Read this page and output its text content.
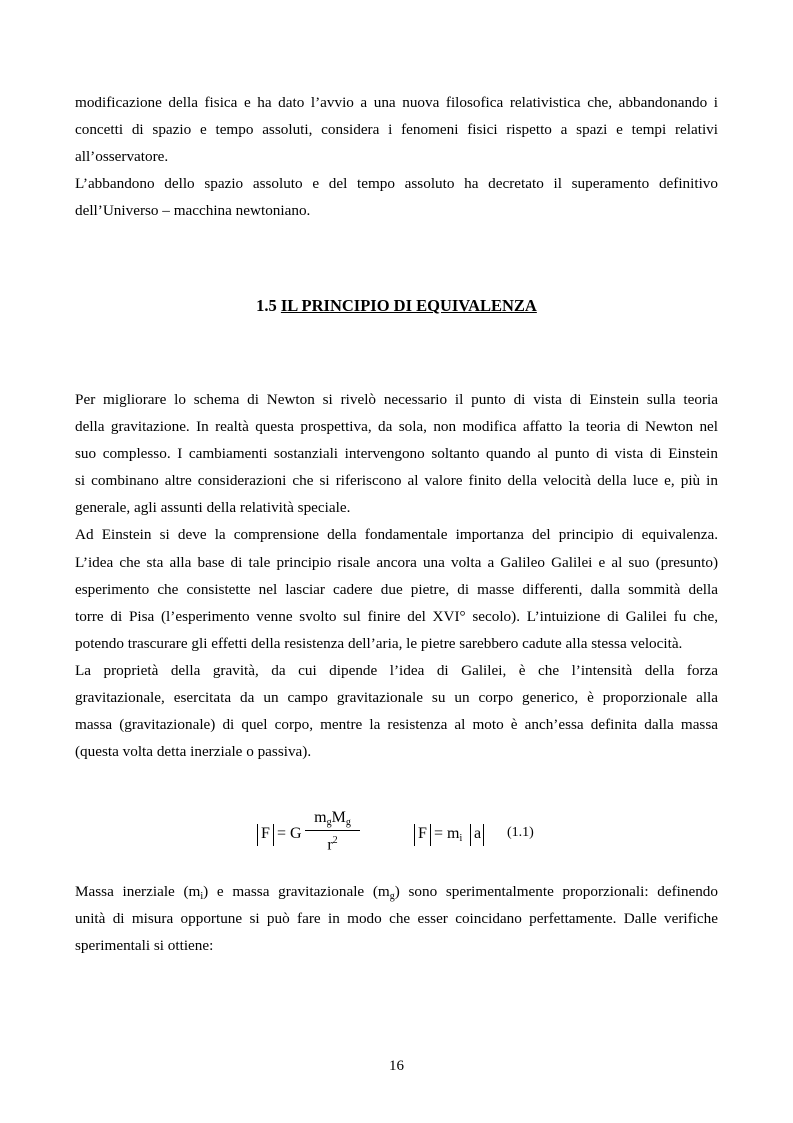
modificazione della fisica e ha dato l’avvio a una nuova filosofica relativistica che, abbandonando i

concetti di spazio e tempo assoluti, considera i fenomeni fisici rispetto a spazi e tempi relativi

all’osservatore.

L’abbandono dello spazio assoluto e del tempo assoluto ha decretato il superamento definitivo

dell’Universo – macchina newtoniano.

1.5 IL PRINCIPIO DI EQUIVALENZA

Per migliorare lo schema di Newton si rivelò necessario il punto di vista di Einstein sulla teoria

della gravitazione. In realtà questa prospettiva, da sola, non modifica affatto la teoria di Newton nel

suo complesso. I cambiamenti sostanziali intervengono soltanto quando al punto di vista di Einstein

si combinano altre considerazioni che si riferiscono al valore finito della velocità della luce e, più in

generale, agli assunti della relatività speciale.

Ad Einstein si deve la comprensione della fondamentale importanza del principio di equivalenza.

L’idea che sta alla base di tale principio risale ancora una volta a Galileo Galilei e al suo (presunto)

esperimento che consistette nel lasciar cadere due pietre, di masse differenti, dalla sommità della

torre di Pisa (l’esperimento venne svolto sul finire del XVI° secolo). L’intuizione di Galilei fu che,

potendo trascurare gli effetti della resistenza dell’aria, le pietre sarebbero cadute alla stessa velocità.

La proprietà della gravità, da cui dipende l’idea di Galilei, è che l’intensità della forza

gravitazionale, esercitata da un campo gravitazionale su un corpo generico, è proporzionale alla

massa (gravitazionale) di quel corpo, mentre la resistenza al moto è anch’essa definita dalla massa

(questa volta detta inerziale o passiva).

F = G
$m_gM_g$
$r^2$	$F = m_i$ a (1.1)

Massa inerziale $(m_i)$ e massa gravitazionale $(m_g)$ sono sperimentalmente proporzionali: definendo

unità di misura opportune si può fare in modo che esser coincidano perfettamente. Dalle verifiche

sperimentali si ottiene:

16
